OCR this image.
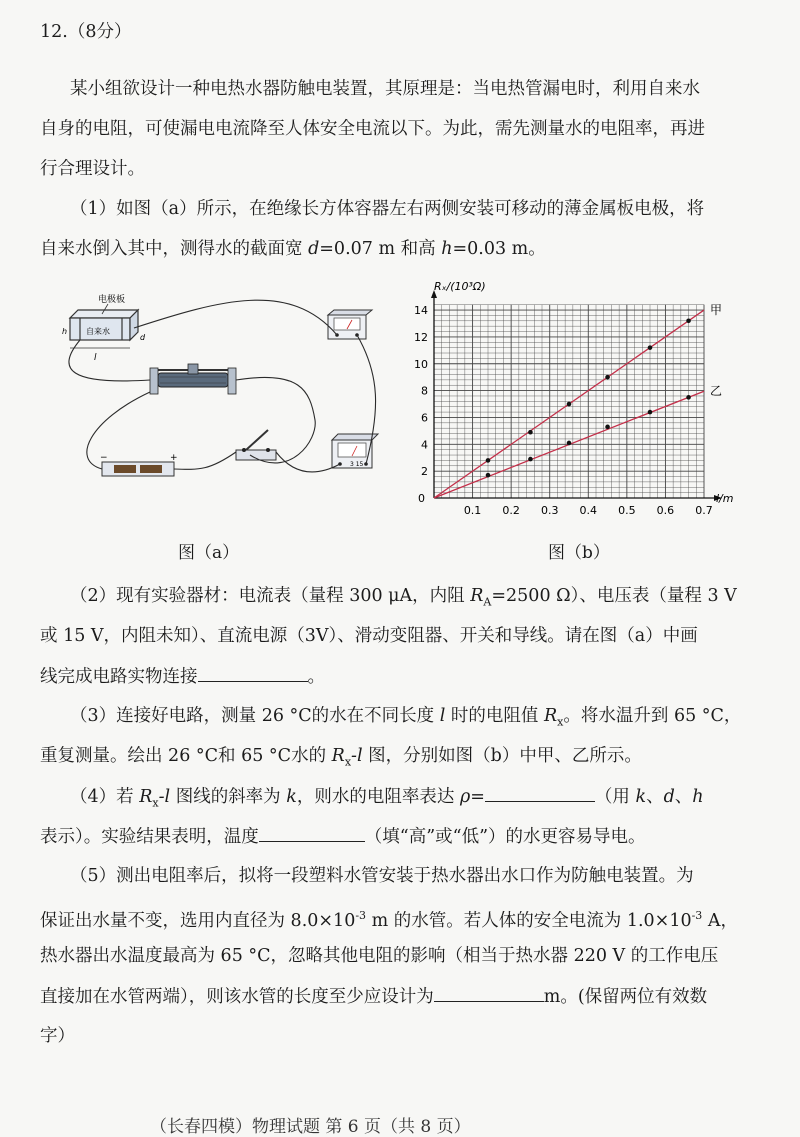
12.（8分）
某小组欲设计一种电热水器防触电装置，其原理是：当电热管漏电时，利用自来水
自身的电阻，可使漏电电流降至人体安全电流以下。为此，需先测量水的电阻率，再进
行合理设计。
（1）如图（a）所示，在绝缘长方体容器左右两侧安装可移动的薄金属板电极，将
自来水倒入其中，测得水的截面宽 d=0.07 m 和高 h=0.03 m。
电极板
自来水
h
d
l
−	+
3 15
图（a）
2
4
6
8
10
12
14
0.1 0.2 0.3 0.4 0.5 0.6 0.7
Rₓ/(10³Ω)
l/m
0
甲
乙
图（b）
（2）现有实验器材：电流表（量程 300 μA，内阻 $R_A=2500$ Ω）、电压表（量程 3 V
或 15 V，内阻未知）、直流电源（3V）、滑动变阻器、开关和导线。请在图（a）中画
线完成电路实物连接	。
（3）连接好电路，测量 26 °C的水在不同长度 l 时的电阻值 $R_x$。将水温升到 65 °C，
重复测量。绘出 26 °C和 65 °C水的 $R_x-l$ 图，分别如图（b）中甲、乙所示。
（4）若 $R_x-l$ 图线的斜率为 k，则水的电阻率表达 ρ=	（用 k、d、h
表示）。实验结果表明，温度	（填“高”或“低”）的水更容易导电。
（5）测出电阻率后，拟将一段塑料水管安装于热水器出水口作为防触电装置。为
保证出水量不变，选用内直径为 $8.0\times 10^{-3}$ m 的水管。若人体的安全电流为 $1.0\times 10^{-3}$ A，
热水器出水温度最高为 65 °C，忽略其他电阻的影响（相当于热水器 220 V 的工作电压
直接加在水管两端），则该水管的长度至少应设计为	m。(保留两位有效数
字）
（长春四模）物理试题 第 6 页（共 8 页）
